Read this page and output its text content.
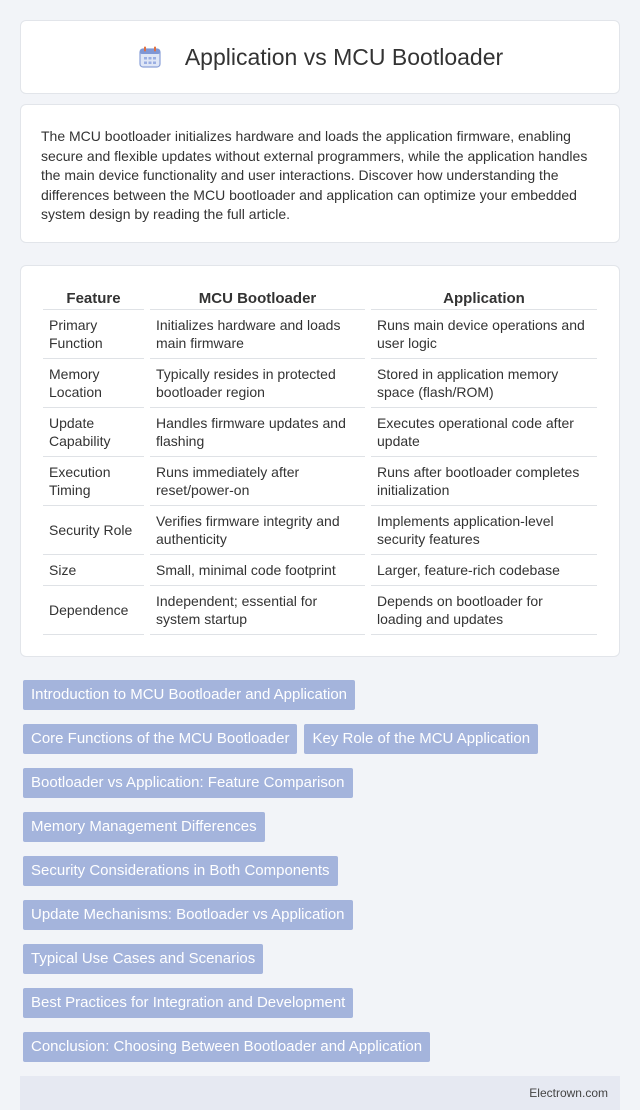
Application vs MCU Bootloader

The MCU bootloader initializes hardware and loads the application firmware, enabling secure and flexible updates without external programmers, while the application handles the main device functionality and user interactions. Discover how understanding the differences between the MCU bootloader and application can optimize your embedded system design by reading the full article.

Feature	MCU Bootloader	Application
Primary Function	Initializes hardware and loads main firmware	Runs main device operations and user logic
Memory Location	Typically resides in protected bootloader region	Stored in application memory space (flash/ROM)
Update Capability	Handles firmware updates and flashing	Executes operational code after update
Execution Timing	Runs immediately after reset/power-on	Runs after bootloader completes initialization
Security Role	Verifies firmware integrity and authenticity	Implements application-level security features
Size	Small, minimal code footprint	Larger, feature-rich codebase
Dependence	Independent; essential for system startup	Depends on bootloader for loading and updates
Introduction to MCU Bootloader and Application
Core Functions of the MCU Bootloader	Key Role of the MCU Application
Bootloader vs Application: Feature Comparison
Memory Management Differences
Security Considerations in Both Components
Update Mechanisms: Bootloader vs Application
Typical Use Cases and Scenarios
Best Practices for Integration and Development
Conclusion: Choosing Between Bootloader and Application
Electrown.com
